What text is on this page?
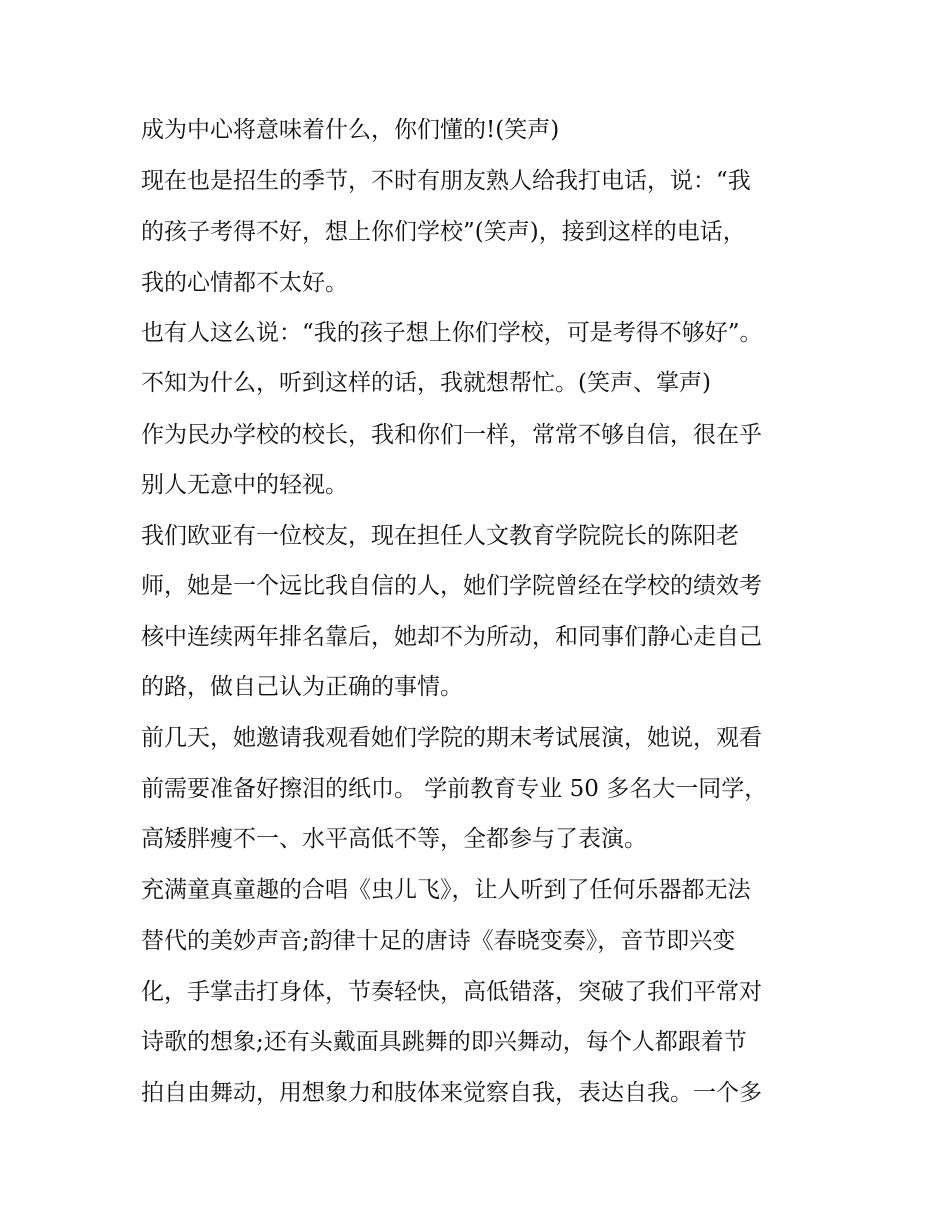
成为中心将意味着什么，你们懂的!(笑声)
现在也是招生的季节，不时有朋友熟人给我打电话，说：“我
的孩子考得不好，想上你们学校”(笑声)，接到这样的电话，
我的心情都不太好。
也有人这么说：“我的孩子想上你们学校，可是考得不够好”。
不知为什么，听到这样的话，我就想帮忙。(笑声、掌声)
作为民办学校的校长，我和你们一样，常常不够自信，很在乎
别人无意中的轻视。
我们欧亚有一位校友，现在担任人文教育学院院长的陈阳老
师，她是一个远比我自信的人，她们学院曾经在学校的绩效考
核中连续两年排名靠后，她却不为所动，和同事们静心走自己
的路，做自己认为正确的事情。
前几天，她邀请我观看她们学院的期末考试展演，她说，观看
前需要准备好擦泪的纸巾。 学前教育专业 50 多名大一同学，
高矮胖瘦不一、水平高低不等，全都参与了表演。
充满童真童趣的合唱《虫儿飞》，让人听到了任何乐器都无法
替代的美妙声音;韵律十足的唐诗《春晓变奏》，音节即兴变
化，手掌击打身体，节奏轻快，高低错落，突破了我们平常对
诗歌的想象;还有头戴面具跳舞的即兴舞动，每个人都跟着节
拍自由舞动，用想象力和肢体来觉察自我，表达自我。一个多
